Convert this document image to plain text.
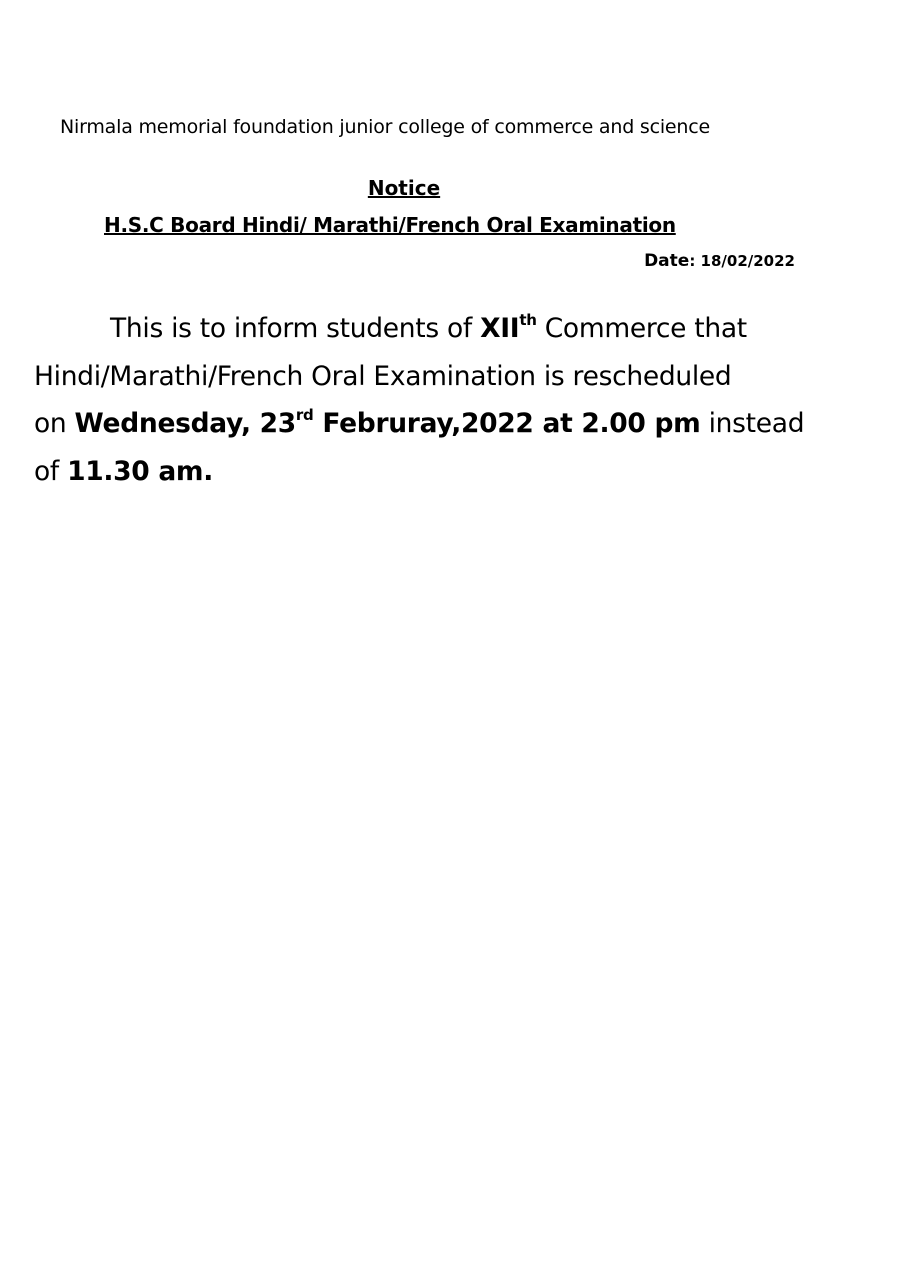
Nirmala memorial foundation junior college of commerce and science
Notice
H.S.C Board Hindi/ Marathi/French Oral Examination
Date: 18/02/2022
This is to inform students of XIIth Commerce that
Hindi/Marathi/French Oral Examination is rescheduled
on Wednesday, 23rd Februray,2022 at 2.00 pm instead
of 11.30 am.
